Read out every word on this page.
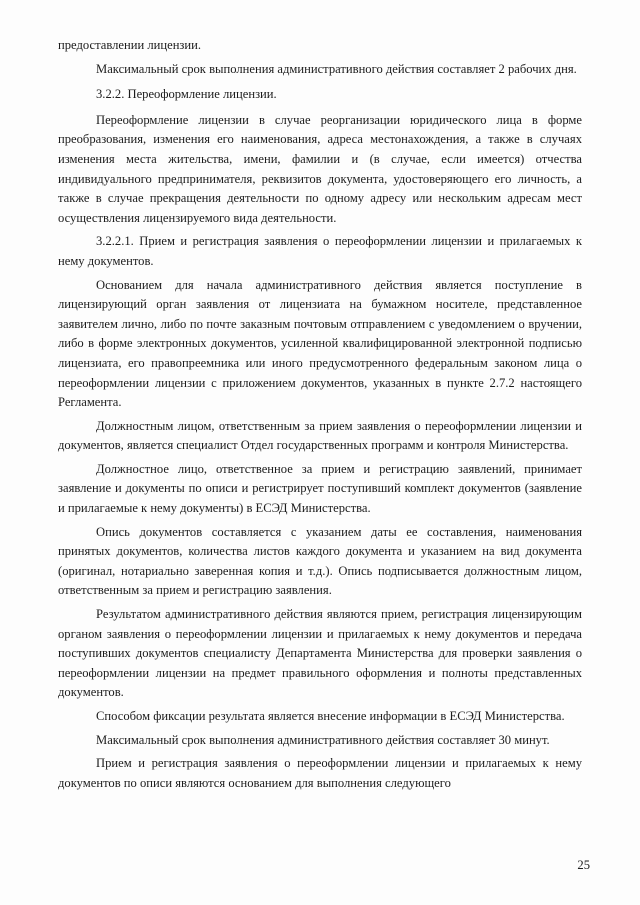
предоставлении лицензии.

Максимальный срок выполнения административного действия составляет 2 рабочих дня.

3.2.2. Переоформление лицензии.

Переоформление лицензии в случае реорганизации юридического лица в форме преобразования, изменения его наименования, адреса местонахождения, а также в случаях изменения места жительства, имени, фамилии и (в случае, если имеется) отчества индивидуального предпринимателя, реквизитов документа, удостоверяющего его личность, а также в случае прекращения деятельности по одному адресу или нескольким адресам мест осуществления лицензируемого вида деятельности.

3.2.2.1. Прием и регистрация заявления о переоформлении лицензии и прилагаемых к нему документов.

Основанием для начала административного действия является поступление в лицензирующий орган заявления от лицензиата на бумажном носителе, представленное заявителем лично, либо по почте заказным почтовым отправлением с уведомлением о вручении, либо в форме электронных документов, усиленной квалифицированной электронной подписью лицензиата, его правопреемника или иного предусмотренного федеральным законом лица о переоформлении лицензии с приложением документов, указанных в пункте 2.7.2 настоящего Регламента.

Должностным лицом, ответственным за прием заявления о переоформлении лицензии и документов, является специалист Отдел государственных программ и контроля Министерства.

Должностное лицо, ответственное за прием и регистрацию заявлений, принимает заявление и документы по описи и регистрирует поступивший комплект документов (заявление и прилагаемые к нему документы) в ЕСЭД Министерства.

Опись документов составляется с указанием даты ее составления, наименования принятых документов, количества листов каждого документа и указанием на вид документа (оригинал, нотариально заверенная копия и т.д.). Опись подписывается должностным лицом, ответственным за прием и регистрацию заявления.

Результатом административного действия являются прием, регистрация лицензирующим органом заявления о переоформлении лицензии и прилагаемых к нему документов и передача поступивших документов специалисту Департамента Министерства для проверки заявления о переоформлении лицензии на предмет правильного оформления и полноты представленных документов.

Способом фиксации результата является внесение информации в ЕСЭД Министерства.

Максимальный срок выполнения административного действия составляет 30 минут.

Прием и регистрация заявления о переоформлении лицензии и прилагаемых к нему документов по описи являются основанием для выполнения следующего

25
